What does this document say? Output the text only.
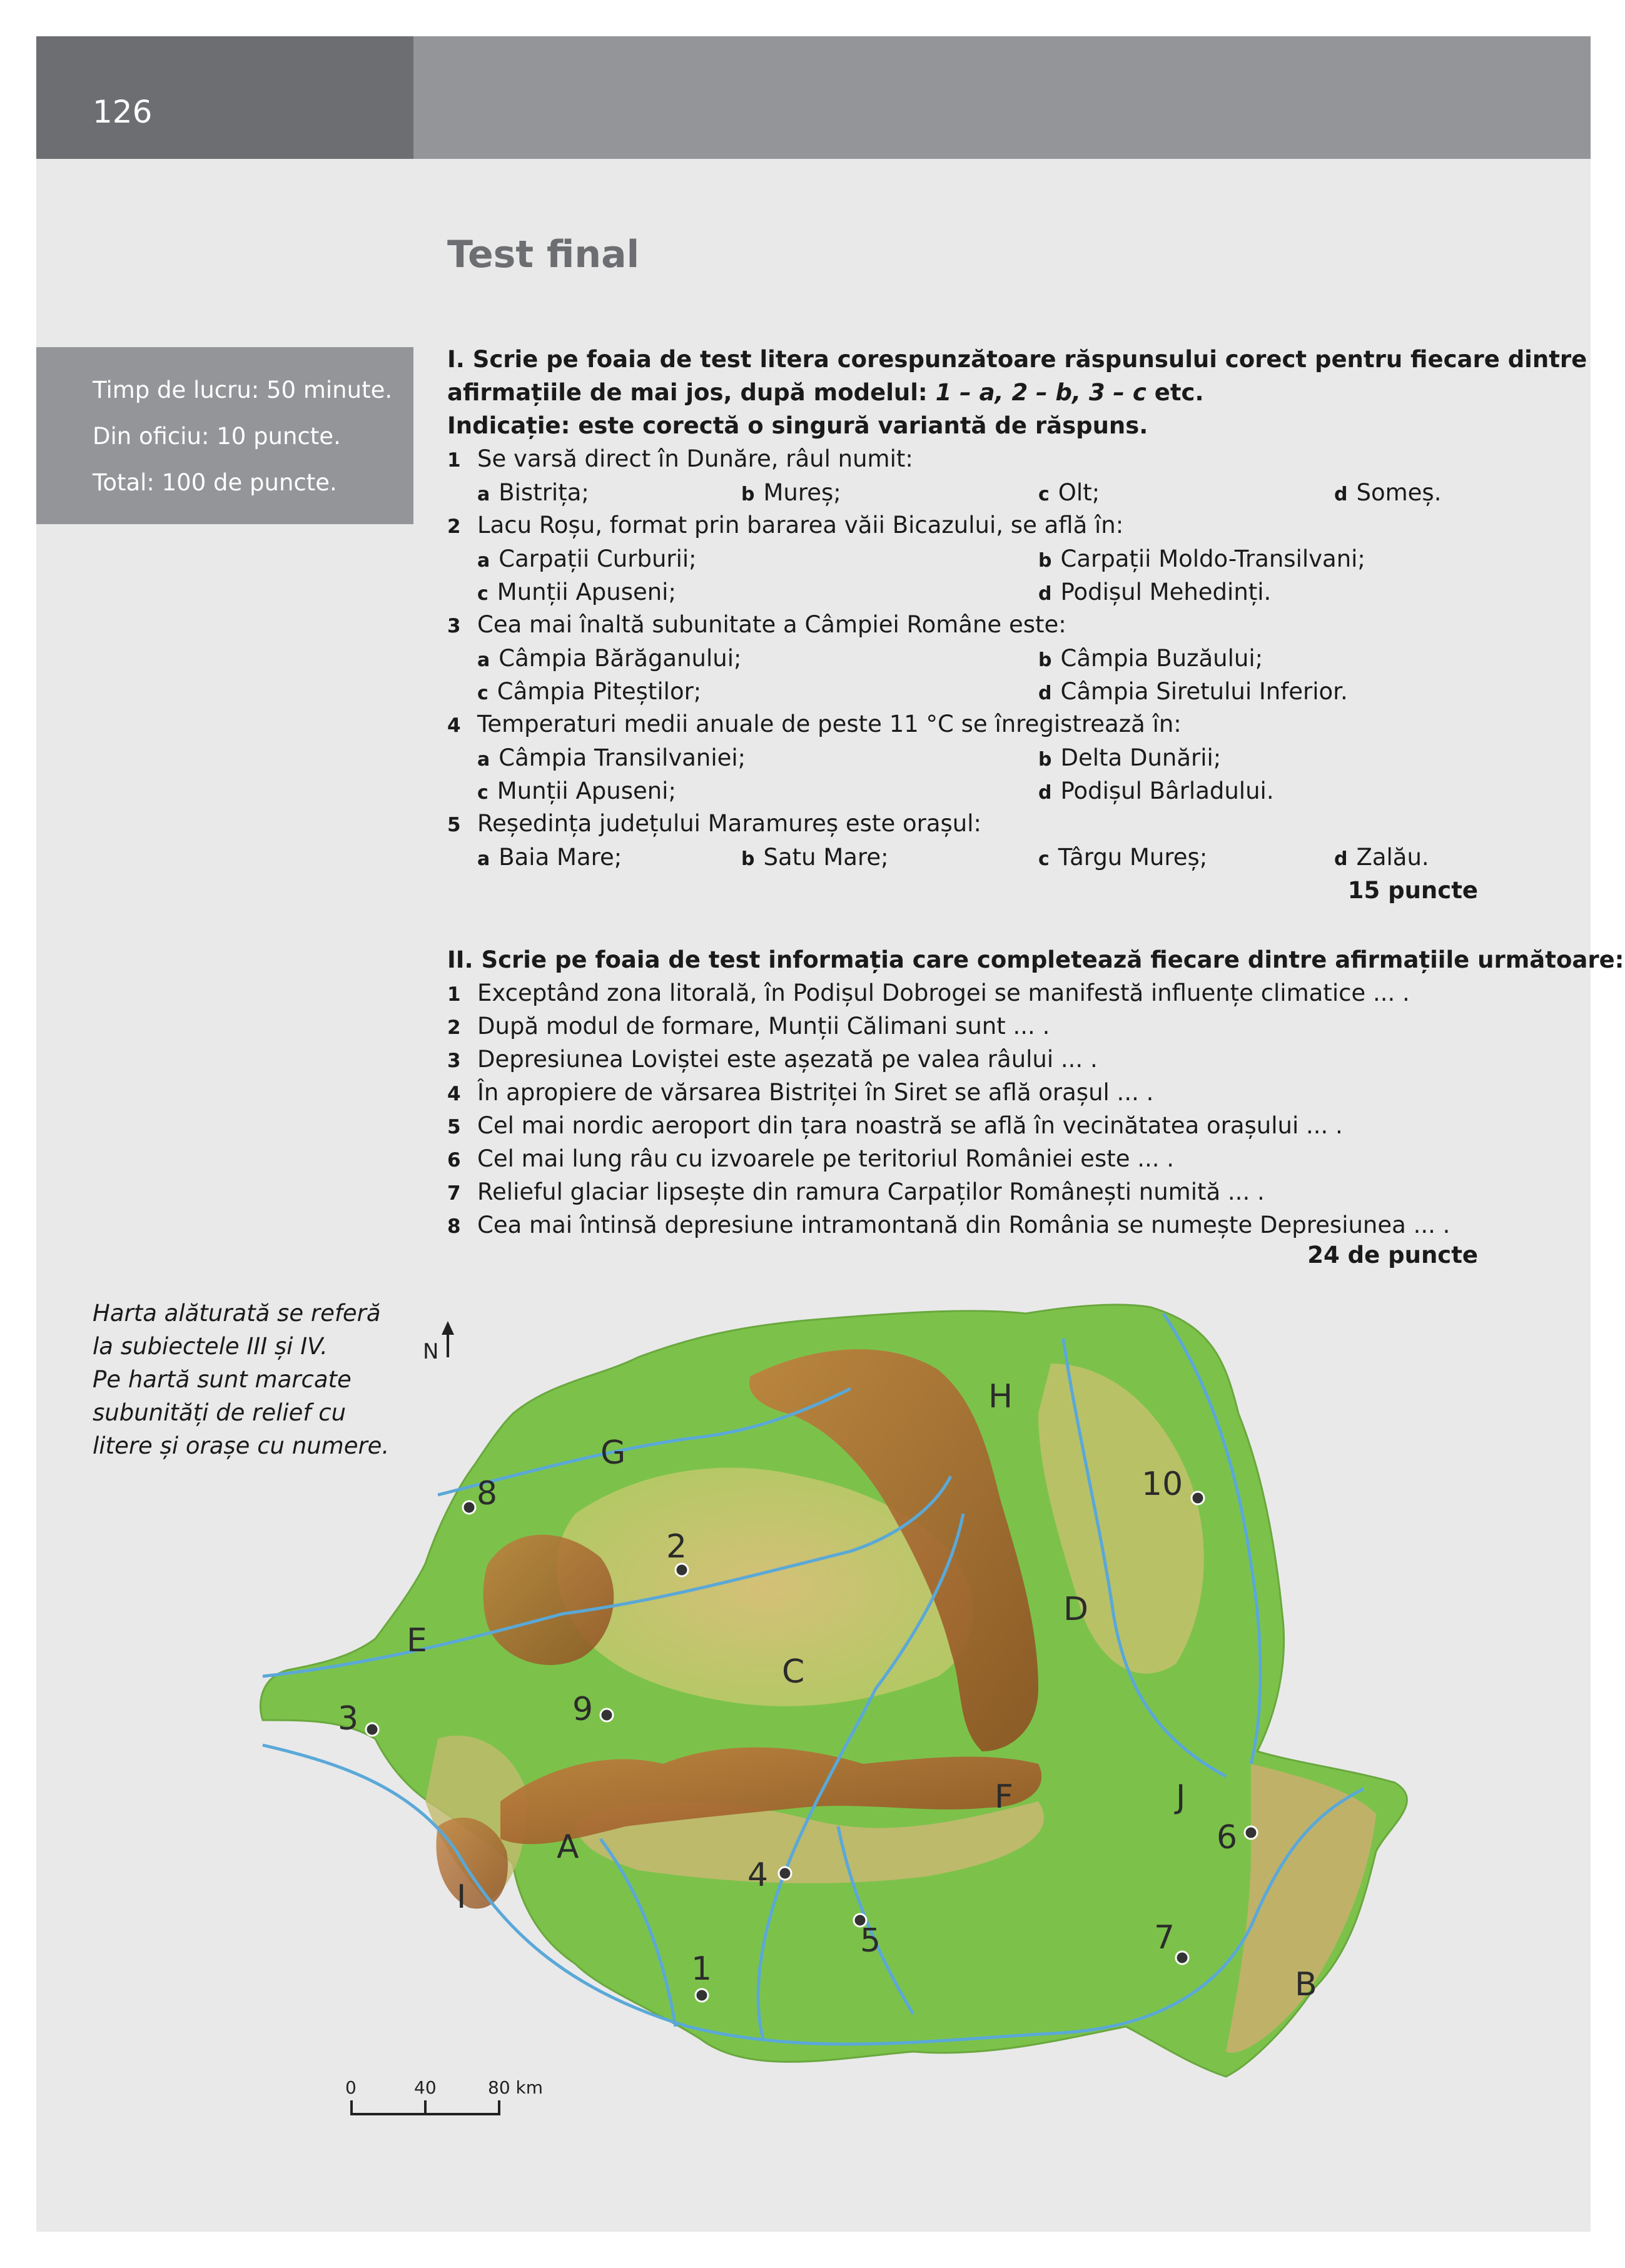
126
Test final
Timp de lucru: 50 minute.
Din oficiu: 10 puncte.
Total: 100 de puncte.
I. Scrie pe foaia de test litera corespunzătoare răspunsului corect pentru fiecare dintre
afirmațiile de mai jos, după modelul: 1 – a, 2 – b, 3 – c etc.
Indicație: este corectă o singură variantă de răspuns.
1 Se varsă direct în Dunăre, râul numit:
a Bistrița;	b Mureș;	c Olt;	d Someș.
2 Lacu Roșu, format prin bararea văii Bicazului, se află în:
a Carpații Curburii;	b Carpații Moldo-Transilvani;
c Munții Apuseni;	d Podișul Mehedinți.
3 Cea mai înaltă subunitate a Câmpiei Române este:
a Câmpia Bărăganului;	b Câmpia Buzăului;
c Câmpia Piteștilor;	d Câmpia Siretului Inferior.
4 Temperaturi medii anuale de peste 11 °C se înregistrează în:
a Câmpia Transilvaniei;	b Delta Dunării;
c Munții Apuseni;	d Podișul Bârladului.
5 Reședința județului Maramureș este orașul:
a Baia Mare;	b Satu Mare;	c Târgu Mureș;	d Zalău.
15 puncte
II. Scrie pe foaia de test informația care completează fiecare dintre afirmațiile următoare:
1 Exceptând zona litorală, în Podișul Dobrogei se manifestă influențe climatice ... .
2 După modul de formare, Munții Călimani sunt ... .
3 Depresiunea Loviștei este așezată pe valea râului ... .
4 În apropiere de vărsarea Bistriței în Siret se află orașul ... .
5 Cel mai nordic aeroport din țara noastră se află în vecinătatea orașului ... .
6 Cel mai lung râu cu izvoarele pe teritoriul României este ... .
7 Relieful glaciar lipsește din ramura Carpaților Românești numită ... .
8 Cea mai întinsă depresiune intramontană din România se numește Depresiunea ... .
24 de puncte
Harta alăturată se referă
la subiectele III și IV.
Pe hartă sunt marcate
subunități de relief cu
litere și orașe cu numere.
E
G
H
D
C
F	J
A
I
B
8
2
10
3	9
6
4
5	7
1
N
0	40	80 km
